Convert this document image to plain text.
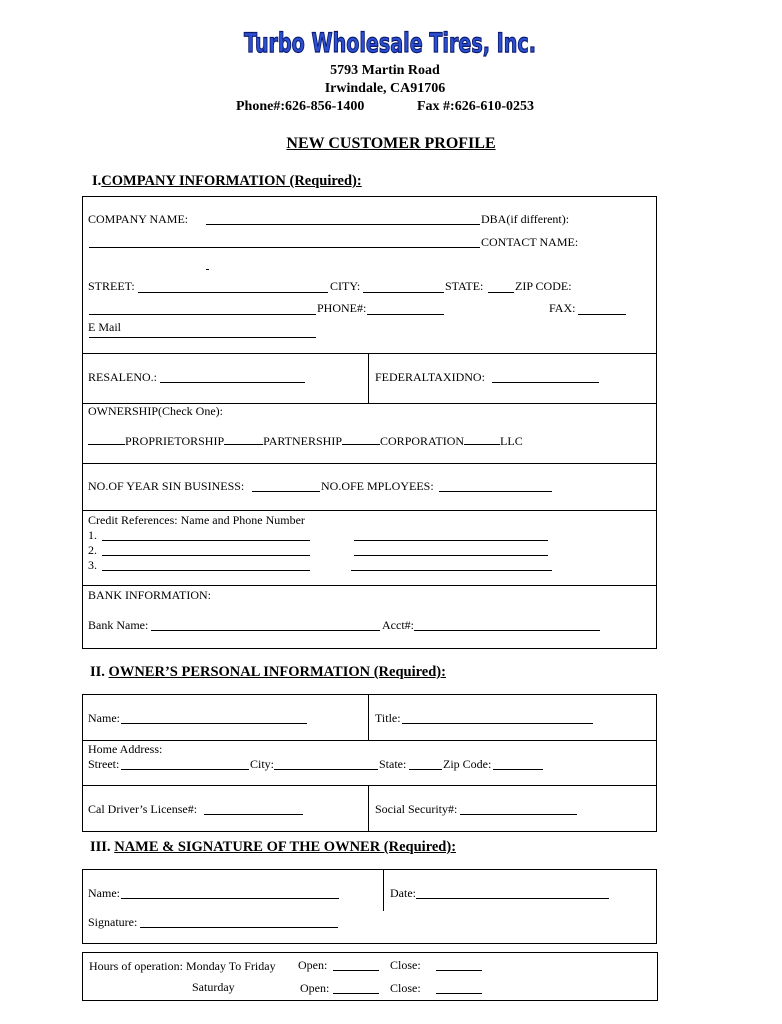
Turbo Wholesale Tires, Inc.
5793 Martin Road
Irwindale, CA91706
Phone#:626-856-1400	Fax #:626-610-0253
NEW CUSTOMER PROFILE
I.COMPANY INFORMATION (Required):
COMPANY NAME:	DBA(if different):
CONTACT NAME:
STREET:	CITY:	STATE:	ZIP CODE:
PHONE#:	FAX:
E Mail
RESALENO.:	FEDERALTAXIDNO:
OWNERSHIP(Check One):
PROPRIETORSHIP	PARTNERSHIP	CORPORATION	LLC
NO.OF YEAR SIN BUSINESS:	NO.OFE MPLOYEES:
Credit References: Name and Phone Number
1.
2.
3.
BANK INFORMATION:
Bank Name:	Acct#:
II. OWNER’S PERSONAL INFORMATION (Required):
Name:	Title:
Home Address:
Street:	City:	State:	Zip Code:
Cal Driver’s License#:	Social Security#:
III. NAME & SIGNATURE OF THE OWNER (Required):
Name:	Date:
Signature:
Hours of operation: Monday To Friday Open:	Close:
Saturday	Open:	Close:
